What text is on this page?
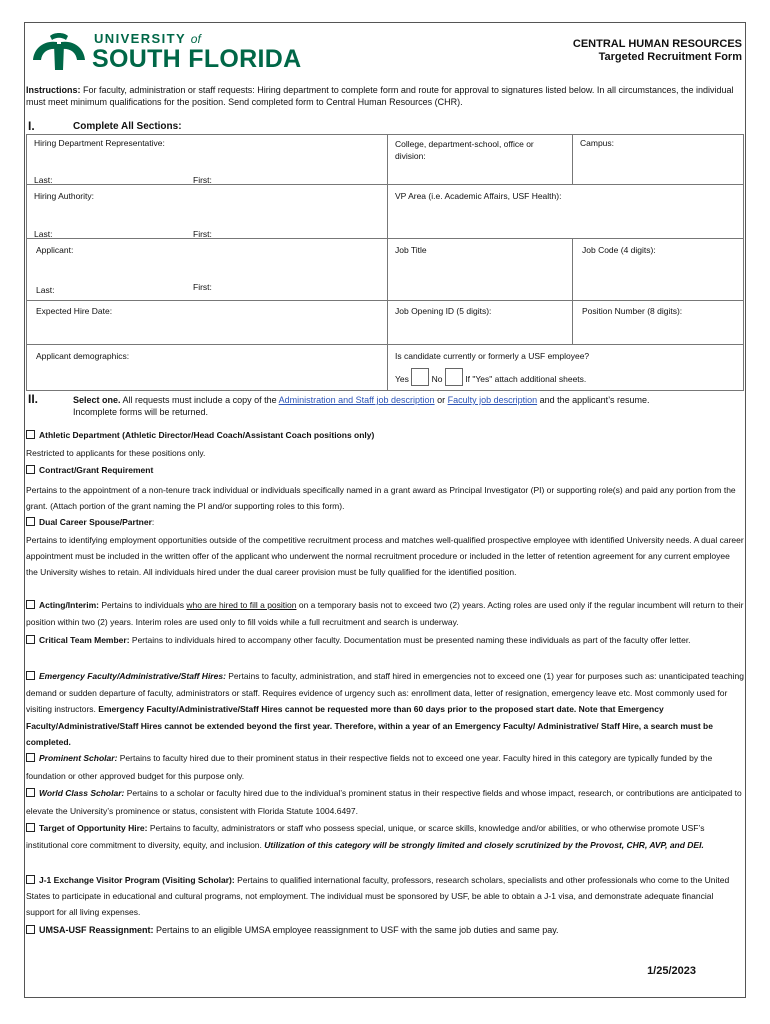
UNIVERSITY of
SOUTH FLORIDA
CENTRAL HUMAN RESOURCES
Targeted Recruitment Form
Instructions: For faculty, administration or staff requests: Hiring department to complete form and route for approval to signatures listed below. In all circumstances, the individual must meet minimum qualifications for the position. Send completed form to Central Human Resources (CHR).
I.	Complete All Sections:
Hiring Department Representative:
Last: First:	College, department-school, office or division:	Campus:

Hiring Authority:
Last: First:	VP Area (i.e. Academic Affairs, USF Health):	

Applicant:
Last: First:	Job Title	Job Code (4 digits):

Expected Hire Date:	Job Opening ID (5 digits):	Position Number (8 digits):

Applicant demographics:	Is candidate currently or formerly a USF employee?
Yes No If "Yes" attach additional sheets.	
II.	Select one. All requests must include a copy of the Administration and Staff job description or Faculty job description and the applicant’s resume.
Incomplete forms will be returned.
Athletic Department (Athletic Director/Head Coach/Assistant Coach positions only)
Restricted to applicants for these positions only.
Contract/Grant Requirement
Pertains to the appointment of a non-tenure track individual or individuals specifically named in a grant award as Principal Investigator (PI) or supporting role(s) and paid any portion from the grant. (Attach portion of the grant naming the PI and/or supporting roles to this form).
Dual Career Spouse/Partner:
Pertains to identifying employment opportunities outside of the competitive recruitment process and matches well-qualified prospective employee with identified University needs. A dual career appointment must be included in the written offer of the applicant who underwent the normal recruitment procedure or included in the letter of retention agreement for any current employee the University wishes to retain. All individuals hired under the dual career provision must be fully qualified for the identified position.
Acting/Interim: Pertains to individuals who are hired to fill a position on a temporary basis not to exceed two (2) years. Acting roles are used only if the regular incumbent will return to their position within two (2) years. Interim roles are used only to fill voids while a full recruitment and search is underway.
Critical Team Member: Pertains to individuals hired to accompany other faculty. Documentation must be presented naming these individuals as part of the faculty offer letter.
Emergency Faculty/Administrative/Staff Hires: Pertains to faculty, administration, and staff hired in emergencies not to exceed one (1) year for purposes such as: unanticipated teaching demand or sudden departure of faculty, administrators or staff. Requires evidence of urgency such as: enrollment data, letter of resignation, emergency leave etc. Most commonly used for visiting instructors. Emergency Faculty/Administrative/Staff Hires cannot be requested more than 60 days prior to the proposed start date. Note that Emergency Faculty/Administrative/Staff Hires cannot be extended beyond the first year. Therefore, within a year of an Emergency Faculty/ Administrative/ Staff Hire, a search must be completed.
Prominent Scholar: Pertains to faculty hired due to their prominent status in their respective fields not to exceed one year. Faculty hired in this category are typically funded by the foundation or other approved budget for this purpose only.
World Class Scholar: Pertains to a scholar or faculty hired due to the individual’s prominent status in their respective fields and whose impact, research, or contributions are anticipated to elevate the University’s prominence or status, consistent with Florida Statute 1004.6497.
Target of Opportunity Hire: Pertains to faculty, administrators or staff who possess special, unique, or scarce skills, knowledge and/or abilities, or who otherwise promote USF’s institutional core commitment to diversity, equity, and inclusion. Utilization of this category will be strongly limited and closely scrutinized by the Provost, CHR, AVP, and DEI.
J-1 Exchange Visitor Program (Visiting Scholar): Pertains to qualified international faculty, professors, research scholars, specialists and other professionals who come to the United States to participate in educational and cultural programs, not employment. The individual must be sponsored by USF, be able to obtain a J-1 visa, and demonstrate adequate financial support for all living expenses.
UMSA-USF Reassignment: Pertains to an eligible UMSA employee reassignment to USF with the same job duties and same pay.
1/25/2023
